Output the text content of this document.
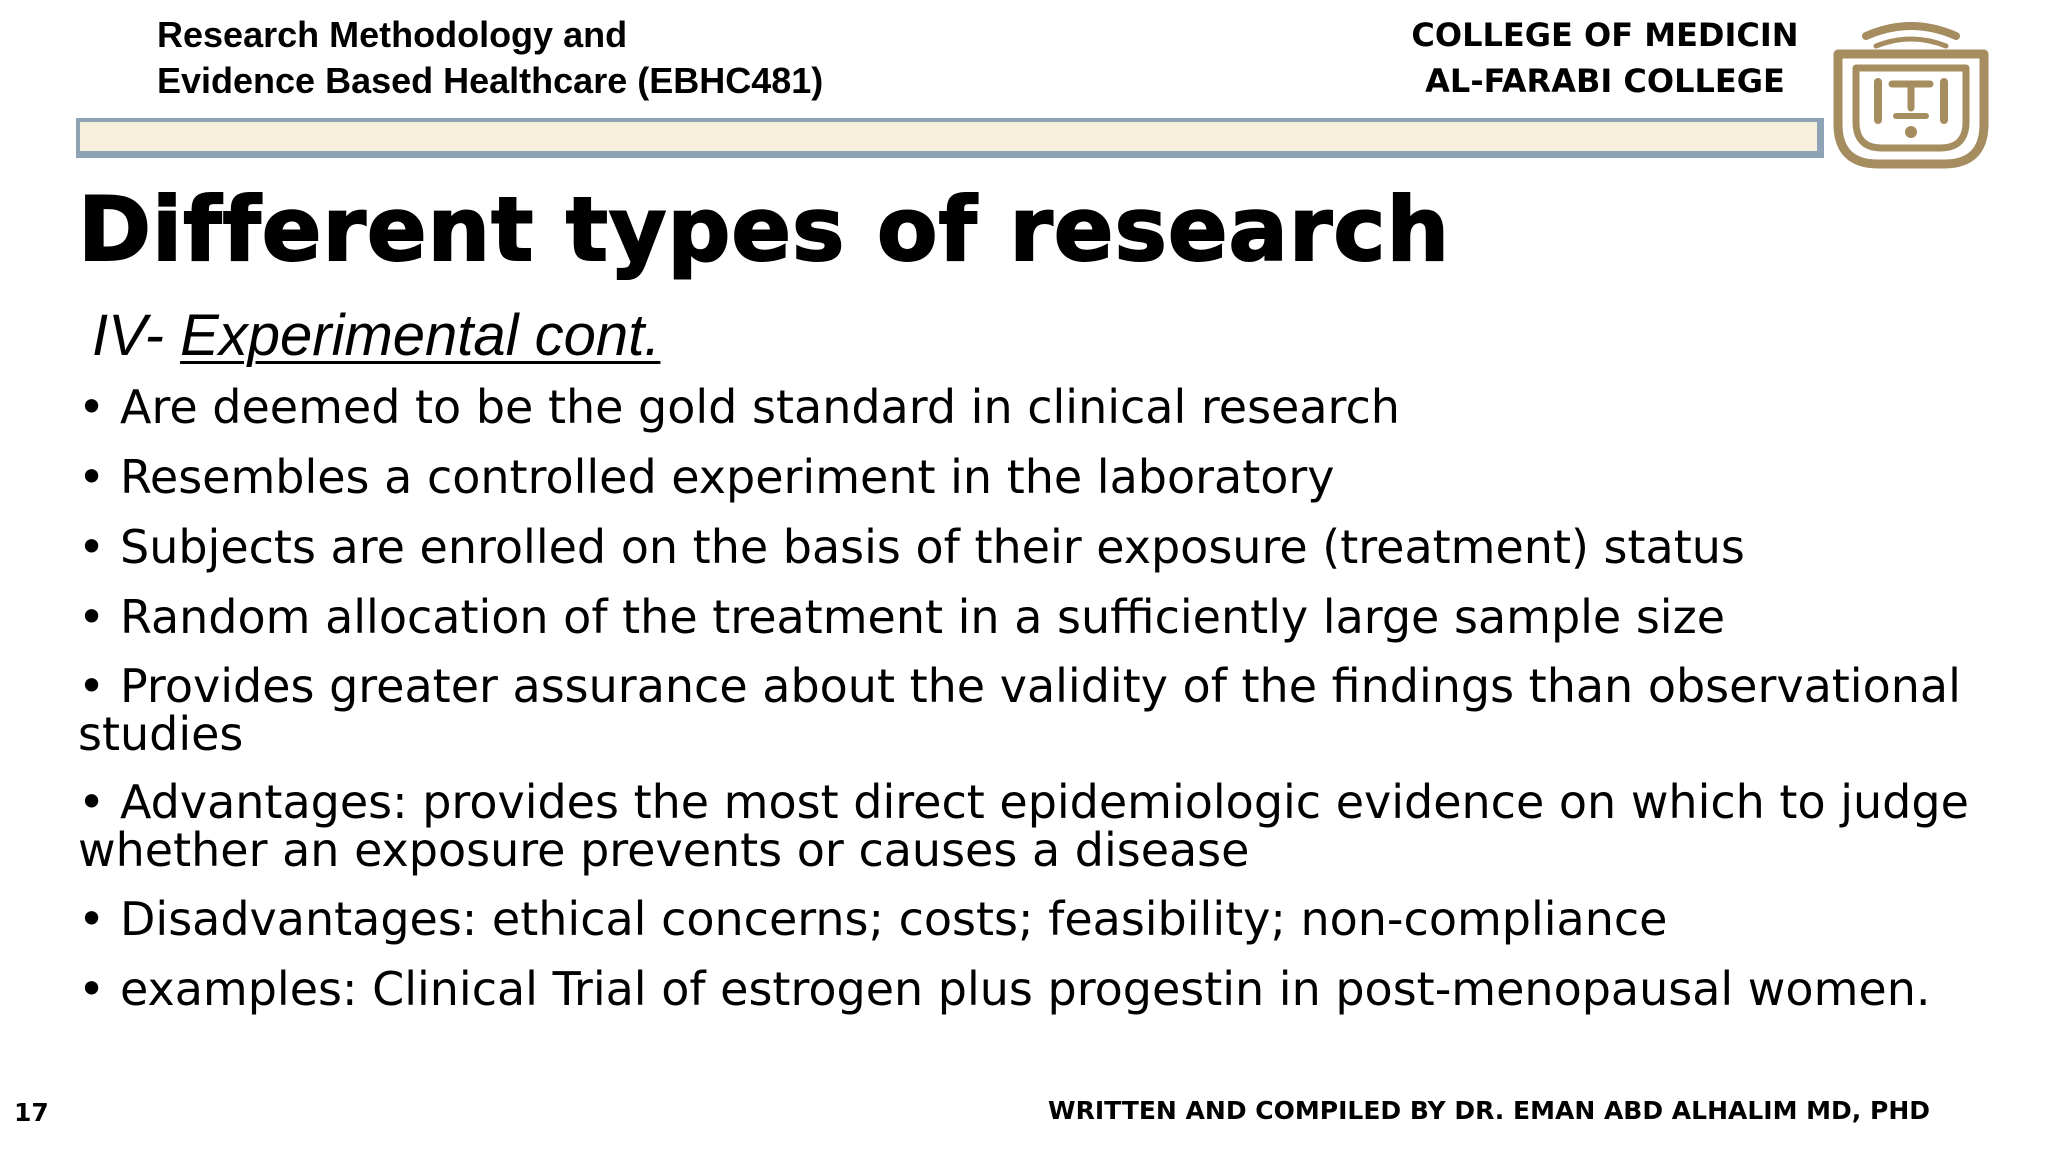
Research Methodology and
Evidence Based Healthcare (EBHC481)
COLLEGE OF MEDICIN
AL-FARABI COLLEGE
Different types of research
IV- Experimental cont.
• Are deemed to be the gold standard in clinical research
• Resembles a controlled experiment in the laboratory
• Subjects are enrolled on the basis of their exposure (treatment) status
• Random allocation of the treatment in a sufficiently large sample size
• Provides greater assurance about the validity of the findings than observational studies
• Advantages: provides the most direct epidemiologic evidence on which to judge whether an exposure prevents or causes a disease
• Disadvantages: ethical concerns; costs; feasibility; non-compliance
• examples: Clinical Trial of estrogen plus progestin in post-menopausal women.
17	WRITTEN AND COMPILED BY DR. EMAN ABD ALHALIM MD, PHD
